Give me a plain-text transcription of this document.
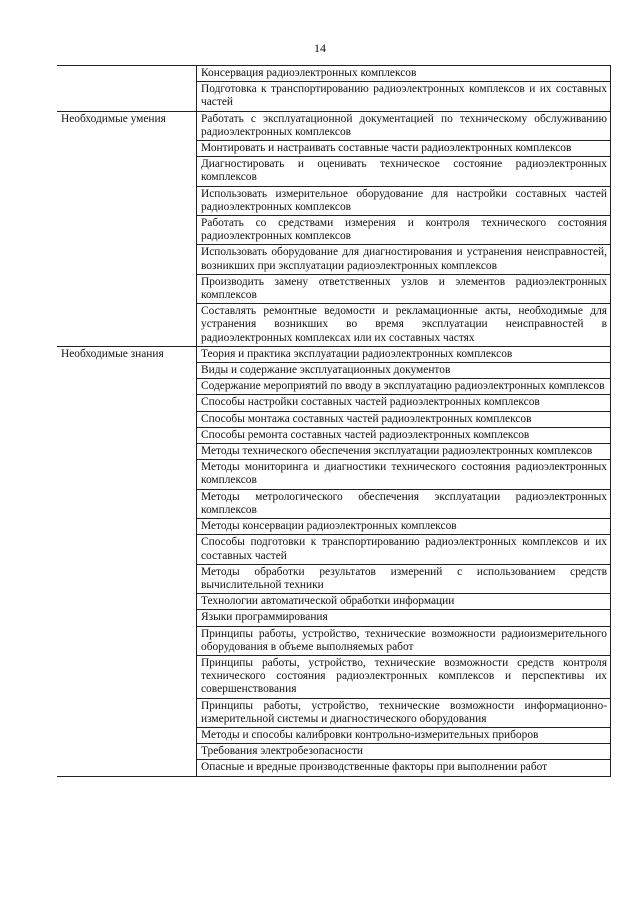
14
	Консервация радиоэлектронных комплексов
	Подготовка к транспортированию радиоэлектронных комплексов и их составных частей
Необходимые умения	Работать с эксплуатационной документацией по техническому обслуживанию радиоэлектронных комплексов
	Монтировать и настраивать составные части радиоэлектронных комплексов
	Диагностировать и оценивать техническое состояние радиоэлектронных комплексов
	Использовать измерительное оборудование для настройки составных частей радиоэлектронных комплексов
	Работать со средствами измерения и контроля технического состояния радиоэлектронных комплексов
	Использовать оборудование для диагностирования и устранения неисправностей, возникших при эксплуатации радиоэлектронных комплексов
	Производить замену ответственных узлов и элементов радиоэлектронных комплексов
	Составлять ремонтные ведомости и рекламационные акты, необходимые для устранения возникших во время эксплуатации неисправностей в радиоэлектронных комплексах или их составных частях
Необходимые знания	Теория и практика эксплуатации радиоэлектронных комплексов
	Виды и содержание эксплуатационных документов
	Содержание мероприятий по вводу в эксплуатацию радиоэлектронных комплексов
	Способы настройки составных частей радиоэлектронных комплексов
	Способы монтажа составных частей радиоэлектронных комплексов
	Способы ремонта составных частей радиоэлектронных комплексов
	Методы технического обеспечения эксплуатации радиоэлектронных комплексов
	Методы мониторинга и диагностики технического состояния радиоэлектронных комплексов
	Методы метрологического обеспечения эксплуатации радиоэлектронных комплексов
	Методы консервации радиоэлектронных комплексов
	Способы подготовки к транспортированию радиоэлектронных комплексов и их составных частей
	Методы обработки результатов измерений с использованием средств вычислительной техники
	Технологии автоматической обработки информации
	Языки программирования
	Принципы работы, устройство, технические возможности радиоизмерительного оборудования в объеме выполняемых работ
	Принципы работы, устройство, технические возможности средств контроля технического состояния радиоэлектронных комплексов и перспективы их совершенствования
	Принципы работы, устройство, технические возможности информационно-измерительной системы и диагностического оборудования
	Методы и способы калибровки контрольно-измерительных приборов
	Требования электробезопасности
	Опасные и вредные производственные факторы при выполнении работ
